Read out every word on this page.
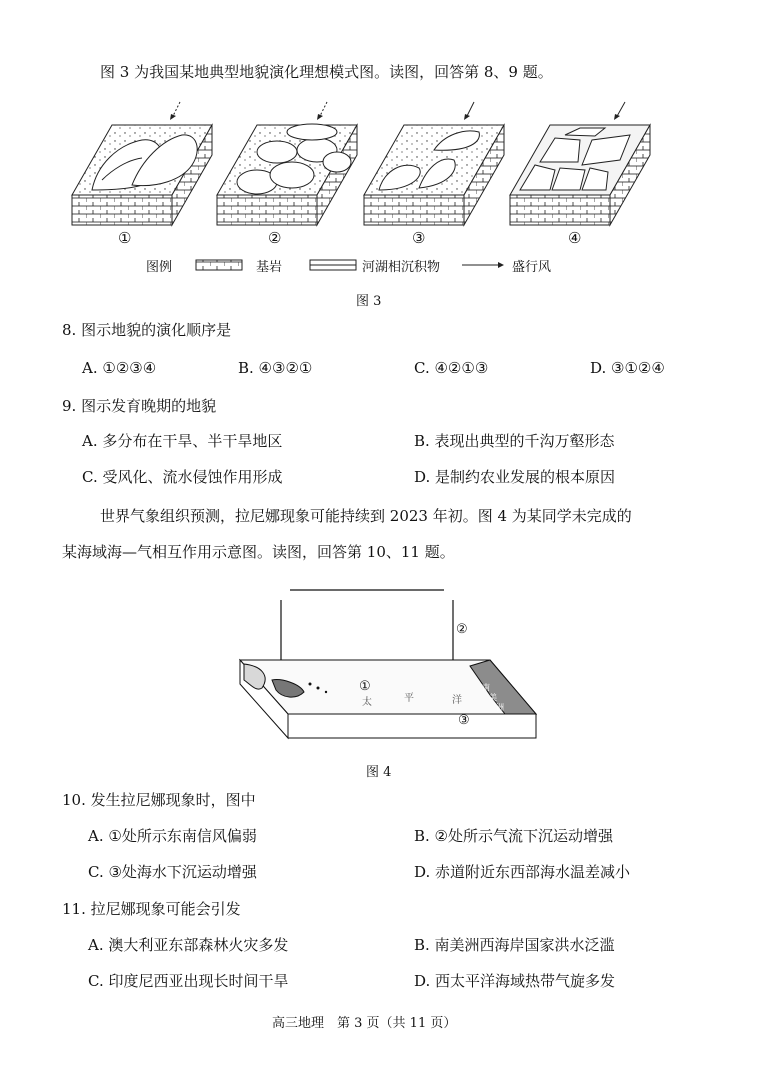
图 3 为我国某地典型地貌演化理想模式图。读图，回答第 8、9 题。
①	②	③	④
图例	基岩	河湖相沉积物	盛行风
图 3
8. 图示地貌的演化顺序是
A. ①②③④	B. ④③②①	C. ④②①③	D. ③①②④
9. 图示发育晚期的地貌
A. 多分布在干旱、半干旱地区	B. 表现出典型的千沟万壑形态
C. 受风化、流水侵蚀作用形成	D. 是制约农业发展的根本原因
世界气象组织预测，拉尼娜现象可能持续到 2023 年初。图 4 为某同学未完成的
某海域海—气相互作用示意图。读图，回答第 10、11 题。
②
①
③
太	平	洋
南
美
洲
图 4
10. 发生拉尼娜现象时，图中
A. ①处所示东南信风偏弱	B. ②处所示气流下沉运动增强
C. ③处海水下沉运动增强	D. 赤道附近东西部海水温差减小
11. 拉尼娜现象可能会引发
A. 澳大利亚东部森林火灾多发	B. 南美洲西海岸国家洪水泛滥
C. 印度尼西亚出现长时间干旱	D. 西太平洋海域热带气旋多发
高三地理　第 3 页（共 11 页）
